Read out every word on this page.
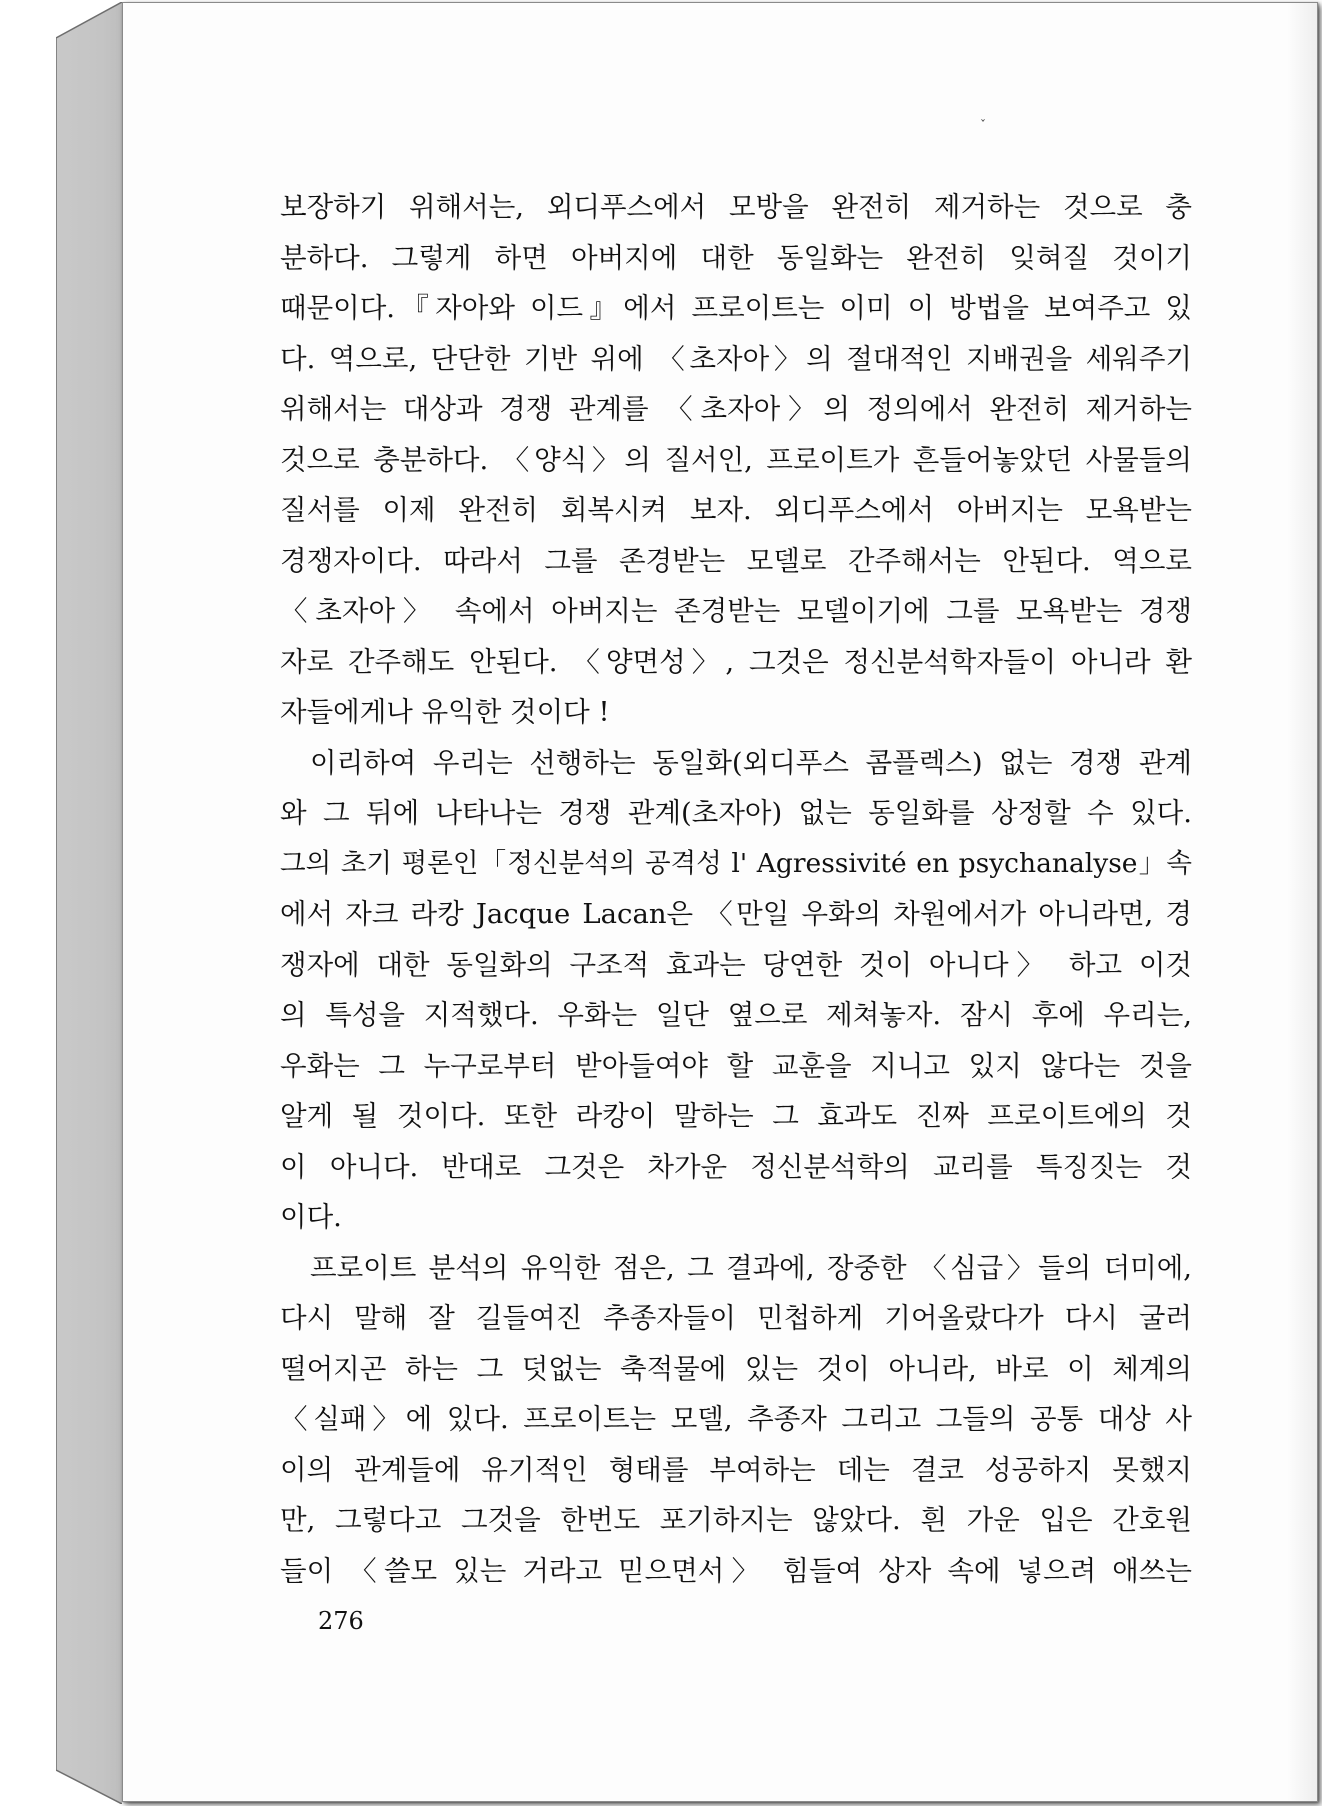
ˇ
보장하기 위해서는, 외디푸스에서 모방을 완전히 제거하는 것으로 충
분하다. 그렇게 하면 아버지에 대한 동일화는 완전히 잊혀질 것이기
때문이다.『자아와 이드』에서 프로이트는 이미 이 방법을 보여주고 있
다. 역으로, 단단한 기반 위에 〈초자아〉의 절대적인 지배권을 세워주기
위해서는 대상과 경쟁 관계를 〈초자아〉의 정의에서 완전히 제거하는
것으로 충분하다. 〈양식〉의 질서인, 프로이트가 흔들어놓았던 사물들의
질서를 이제 완전히 회복시켜 보자. 외디푸스에서 아버지는 모욕받는
경쟁자이다. 따라서 그를 존경받는 모델로 간주해서는 안된다. 역으로
〈초자아〉 속에서 아버지는 존경받는 모델이기에 그를 모욕받는 경쟁
자로 간주해도 안된다. 〈양면성〉, 그것은 정신분석학자들이 아니라 환
자들에게나 유익한 것이다 !
이리하여 우리는 선행하는 동일화(외디푸스 콤플렉스) 없는 경쟁 관계
와 그 뒤에 나타나는 경쟁 관계(초자아) 없는 동일화를 상정할 수 있다.
그의 초기 평론인「정신분석의 공격성 l' Agressivité en psychanalyse」속
에서 자크 라캉 Jacque Lacan은 〈만일 우화의 차원에서가 아니라면, 경
쟁자에 대한 동일화의 구조적 효과는 당연한 것이 아니다〉 하고 이것
의 특성을 지적했다. 우화는 일단 옆으로 제쳐놓자. 잠시 후에 우리는,
우화는 그 누구로부터 받아들여야 할 교훈을 지니고 있지 않다는 것을
알게 될 것이다. 또한 라캉이 말하는 그 효과도 진짜 프로이트에의 것
이 아니다. 반대로 그것은 차가운 정신분석학의 교리를 특징짓는 것
이다.
프로이트 분석의 유익한 점은, 그 결과에, 장중한 〈심급〉들의 더미에,
다시 말해 잘 길들여진 추종자들이 민첩하게 기어올랐다가 다시 굴러
떨어지곤 하는 그 덧없는 축적물에 있는 것이 아니라, 바로 이 체계의
〈실패〉에 있다. 프로이트는 모델, 추종자 그리고 그들의 공통 대상 사
이의 관계들에 유기적인 형태를 부여하는 데는 결코 성공하지 못했지
만, 그렇다고 그것을 한번도 포기하지는 않았다. 흰 가운 입은 간호원
들이 〈쓸모 있는 거라고 믿으면서〉 힘들여 상자 속에 넣으려 애쓰는
276
